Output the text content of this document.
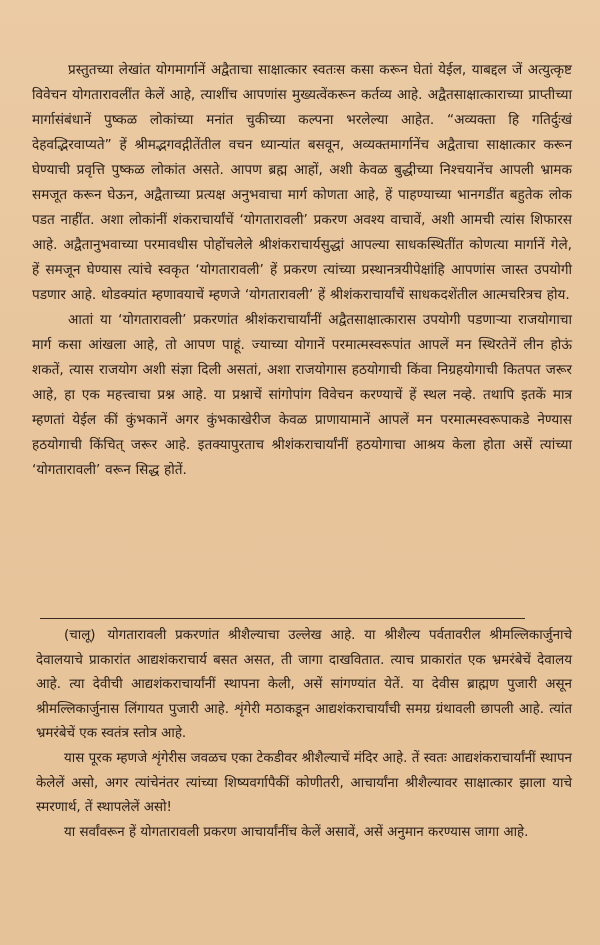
प्रस्तुतच्या लेखांत योगमार्गानें अद्वैताचा साक्षात्कार स्वतःस कसा करून घेतां येईल, याबद्दल जें अत्युत्कृष्ट विवेचन योगतारावलींत केलें आहे, त्याशींच आपणांस मुख्यत्वेंकरून कर्तव्य आहे. अद्वैतसाक्षात्काराच्या प्राप्तीच्या मार्गासंबंधानें पुष्कळ लोकांच्या मनांत चुकीच्या कल्पना भरलेल्या आहेत. “अव्यक्ता हि गतिर्दुःखं देहवद्भिरवाप्यते” हें श्रीमद्भगवद्गीतेंतील वचन ध्यान्यांत बसवून, अव्यक्तमार्गानेंच अद्वैताचा साक्षात्कार करून घेण्याची प्रवृत्ति पुष्कळ लोकांत असते. आपण ब्रह्म आहों, अशी केवळ बुद्धीच्या निश्चयानेंच आपली भ्रामक समजूत करून घेऊन, अद्वैताच्या प्रत्यक्ष अनुभवाचा मार्ग कोणता आहे, हें पाहण्याच्या भानगडींत बहुतेक लोक पडत नाहींत. अशा लोकांनीं शंकराचार्यांचें ‘योगतारावली’ प्रकरण अवश्य वाचावें, अशी आमची त्यांस शिफारस आहे. अद्वैतानुभवाच्या परमावधीस पोहोंचलेले श्रीशंकराचार्यसुद्धां आपल्या साधकस्थितींत कोणत्या मार्गानें गेले, हें समजून घेण्यास त्यांचे स्वकृत ‘योगतारावली’ हें प्रकरण त्यांच्या प्रस्थानत्रयीपेक्षांहि आपणांस जास्त उपयोगी पडणार आहे. थोडक्यांत म्हणावयाचें म्हणजे ‘योगतारावली’ हें श्रीशंकराचार्यांचें साधकदशेंतील आत्मचरित्रच होय.

आतां या ‘योगतारावली’ प्रकरणांत श्रीशंकराचार्यांनीं अद्वैतसाक्षात्कारास उपयोगी पडणाऱ्या राजयोगाचा मार्ग कसा आंखला आहे, तो आपण पाहूं. ज्याच्या योगानें परमात्मस्वरूपांत आपलें मन स्थिरतेनें लीन होऊं शकतें, त्यास राजयोग अशी संज्ञा दिली असतां, अशा राजयोगास हठयोगाची किंवा निग्रहयोगाची कितपत जरूर आहे, हा एक महत्त्वाचा प्रश्न आहे. या प्रश्नाचें सांगोपांग विवेचन करण्याचें हें स्थल नव्हे. तथापि इतकें मात्र म्हणतां येईल कीं कुंभकानें अगर कुंभकाखेरीज केवळ प्राणायामानें आपलें मन परमात्मस्वरूपाकडे नेण्यास हठयोगाची किंचित् जरूर आहे. इतक्यापुरताच श्रीशंकराचार्यांनीं हठयोगाचा आश्रय केला होता असें त्यांच्या ‘योगतारावली’ वरून सिद्ध होतें.

(चालू) योगतारावली प्रकरणांत श्रीशैल्याचा उल्लेख आहे. या श्रीशैल्य पर्वतावरील श्रीमल्लिकार्जुनाचे देवालयाचे प्राकारांत आद्यशंकराचार्य बसत असत, ती जागा दाखवितात. त्याच प्राकारांत एक भ्रमरंबेचें देवालय आहे. त्या देवीची आद्यशंकराचार्यांनीं स्थापना केली, असें सांगण्यांत येतें. या देवीस ब्राह्मण पुजारी असून श्रीमल्लिकार्जुनास लिंगायत पुजारी आहे. शृंगेरी मठाकडून आद्यशंकराचार्यांची समग्र ग्रंथावली छापली आहे. त्यांत भ्रमरंबेचें एक स्वतंत्र स्तोत्र आहे.

यास पूरक म्हणजे शृंगेरीस जवळच एका टेकडीवर श्रीशैल्याचें मंदिर आहे. तें स्वतः आद्यशंकराचार्यांनीं स्थापन केलेलें असो, अगर त्यांचेनंतर त्यांच्या शिष्यवर्गापैकीं कोणीतरी, आचार्यांना श्रीशैल्यावर साक्षात्कार झाला याचे स्मरणार्थ, तें स्थापलेलें असो!

या सर्वांवरून हें योगतारावली प्रकरण आचार्यांनींच केलें असावें, असें अनुमान करण्यास जागा आहे.
